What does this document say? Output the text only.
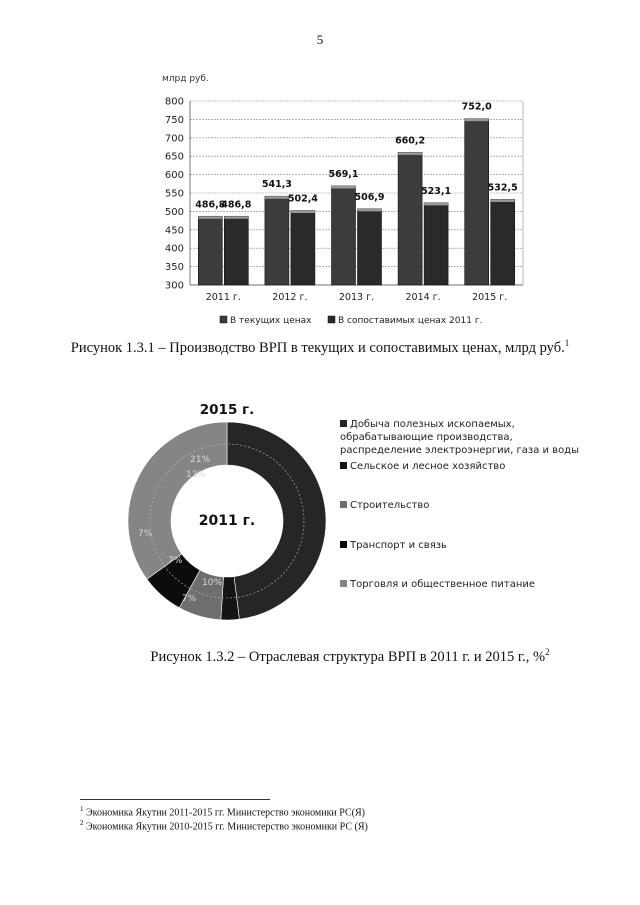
5
млрд руб.
300
350
400
450
500
550
600
650
700
750
800
486,8
486,8
541,3
502,4
569,1
506,9
660,2
523,1
752,0
532,5
2011 г.	2012 г.	2013 г.	2014 г.	2015 г.
В текущих ценах	В сопоставимых ценах 2011 г.
Рисунок 1.3.1 – Производство ВРП в текущих и сопоставимых ценах, млрд руб.$^1$
2015 г.
21%
13%
7%
10%
7%
7%
2011 г.
Добыча полезных ископаемых, обрабатывающие производства, распределение электроэнергии, газа и воды
Сельское и лесное хозяйство
Строительство
Транспорт и связь
Торговля и общественное питание
Рисунок 1.3.2 – Отраслевая структура ВРП в 2011 г. и 2015 г., %$^2$
$^1$ Экономика Якутии 2011-2015 гг. Министерство экономики РС(Я)
$^2$ Экономика Якутии 2010-2015 гг. Министерство экономики РС (Я)
